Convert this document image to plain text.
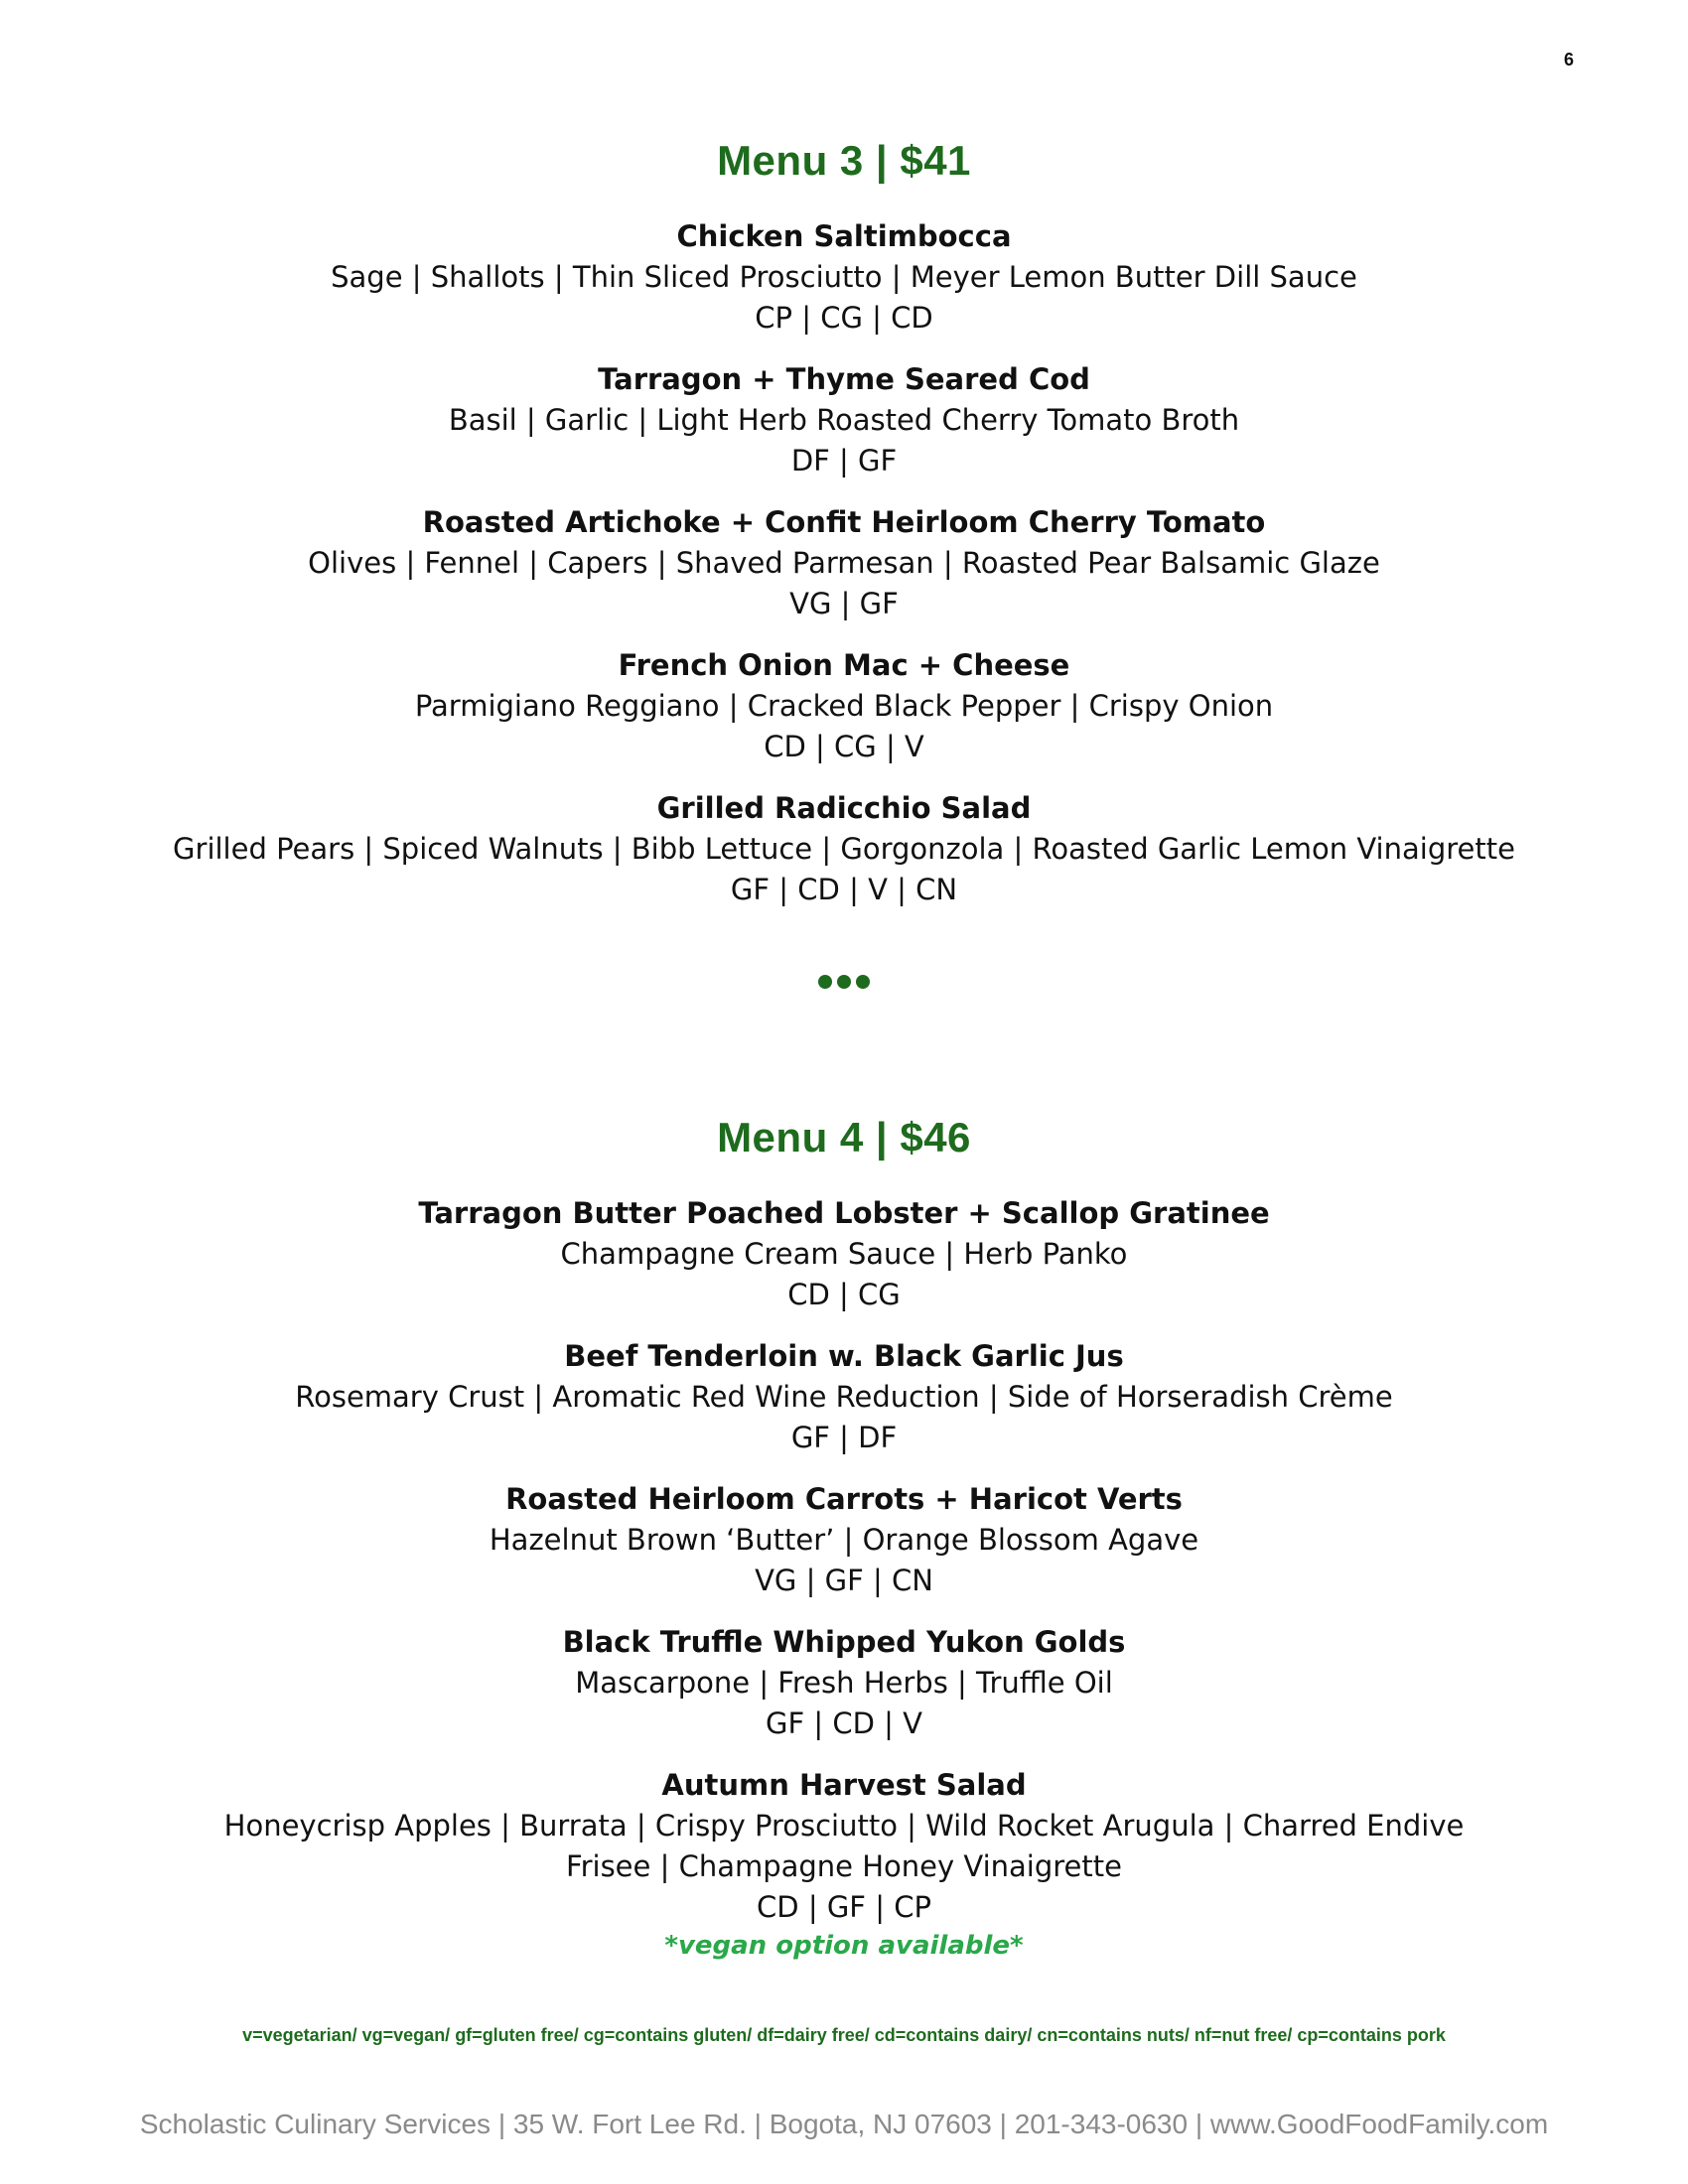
6
Menu 3 | $41
Chicken Saltimbocca
Sage | Shallots | Thin Sliced Prosciutto | Meyer Lemon Butter Dill Sauce
CP | CG | CD
Tarragon + Thyme Seared Cod
Basil | Garlic | Light Herb Roasted Cherry Tomato Broth
DF | GF
Roasted Artichoke + Confit Heirloom Cherry Tomato
Olives | Fennel | Capers | Shaved Parmesan | Roasted Pear Balsamic Glaze
VG | GF
French Onion Mac + Cheese
Parmigiano Reggiano | Cracked Black Pepper | Crispy Onion
CD | CG | V
Grilled Radicchio Salad
Grilled Pears | Spiced Walnuts | Bibb Lettuce | Gorgonzola | Roasted Garlic Lemon Vinaigrette
GF | CD | V | CN
Menu 4 | $46
Tarragon Butter Poached Lobster + Scallop Gratinee
Champagne Cream Sauce | Herb Panko
CD | CG
Beef Tenderloin w. Black Garlic Jus
Rosemary Crust | Aromatic Red Wine Reduction | Side of Horseradish Crème
GF | DF
Roasted Heirloom Carrots + Haricot Verts
Hazelnut Brown ‘Butter’ | Orange Blossom Agave
VG | GF | CN
Black Truffle Whipped Yukon Golds
Mascarpone | Fresh Herbs | Truffle Oil
GF | CD | V
Autumn Harvest Salad
Honeycrisp Apples | Burrata | Crispy Prosciutto | Wild Rocket Arugula | Charred Endive
Frisee | Champagne Honey Vinaigrette
CD | GF | CP
*vegan option available*
v=vegetarian/ vg=vegan/ gf=gluten free/ cg=contains gluten/ df=dairy free/ cd=contains dairy/ cn=contains nuts/ nf=nut free/ cp=contains pork
Scholastic Culinary Services | 35 W. Fort Lee Rd. | Bogota, NJ 07603 | 201-343-0630 | www.GoodFoodFamily.com
